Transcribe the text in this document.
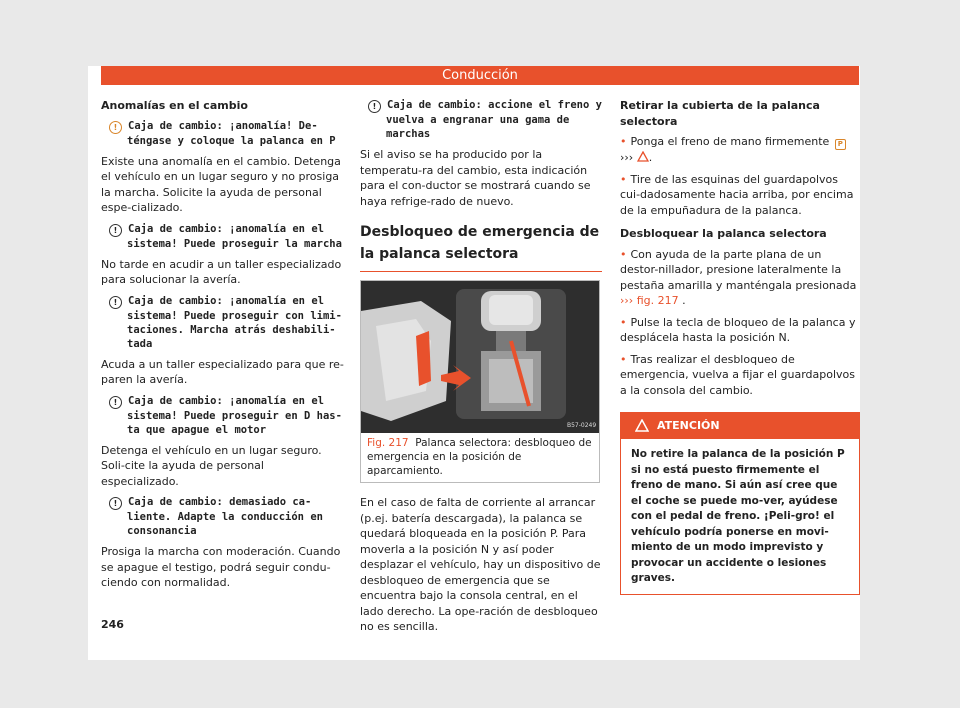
Conducción

Anomalías en el cambio

! Caja de cambio: ¡anomalía! De-téngase y coloque la palanca en P

Existe una anomalía en el cambio. Detenga el vehículo en un lugar seguro y no prosiga la marcha. Solicite la ayuda de personal espe-cializado.

! Caja de cambio: ¡anomalía en el sistema! Puede proseguir la marcha

No tarde en acudir a un taller especializado para solucionar la avería.

! Caja de cambio: ¡anomalía en el sistema! Puede proseguir con limi-taciones. Marcha atrás deshabili-tada

Acuda a un taller especializado para que re-paren la avería.

! Caja de cambio: ¡anomalía en el sistema! Puede proseguir en D has-ta que apague el motor

Detenga el vehículo en un lugar seguro. Soli-cite la ayuda de personal especializado.

! Caja de cambio: demasiado ca-liente. Adapte la conducción en consonancia

Prosiga la marcha con moderación. Cuando se apague el testigo, podrá seguir condu-ciendo con normalidad.

! Caja de cambio: accione el freno y vuelva a engranar una gama de marchas

Si el aviso se ha producido por la temperatu-ra del cambio, esta indicación para el con-ductor se mostrará cuando se haya refrige-rado de nuevo.

Desbloqueo de emergencia de la palanca selectora
B57-0249
Fig. 217 Palanca selectora: desbloqueo de emergencia en la posición de aparcamiento.

En el caso de falta de corriente al arrancar (p.ej. batería descargada), la palanca se quedará bloqueada en la posición P. Para moverla a la posición N y así poder desplazar el vehículo, hay un dispositivo de desbloqueo de emergencia que se encuentra bajo la consola central, en el lado derecho. La ope-ración de desbloqueo no es sencilla.

Retirar la cubierta de la palanca selectora

• Ponga el freno de mano firmemente P
››› .

• Tire de las esquinas del guardapolvos cui-dadosamente hacia arriba, por encima de la empuñadura de la palanca.

Desbloquear la palanca selectora

• Con ayuda de la parte plana de un destor-nillador, presione lateralmente la pestaña amarilla y manténgala presionada
››› fig. 217 .

• Pulse la tecla de bloqueo de la palanca y desplácela hasta la posición N.

• Tras realizar el desbloqueo de emergencia, vuelva a fijar el guardapolvos a la consola del cambio.

ATENCIÓN
No retire la palanca de la posición P si no está puesto firmemente el freno de mano. Si aún así cree que el coche se puede mo-ver, ayúdese con el pedal de freno. ¡Peli-gro! el vehículo podría ponerse en movi-miento de un modo imprevisto y provocar un accidente o lesiones graves.
246
